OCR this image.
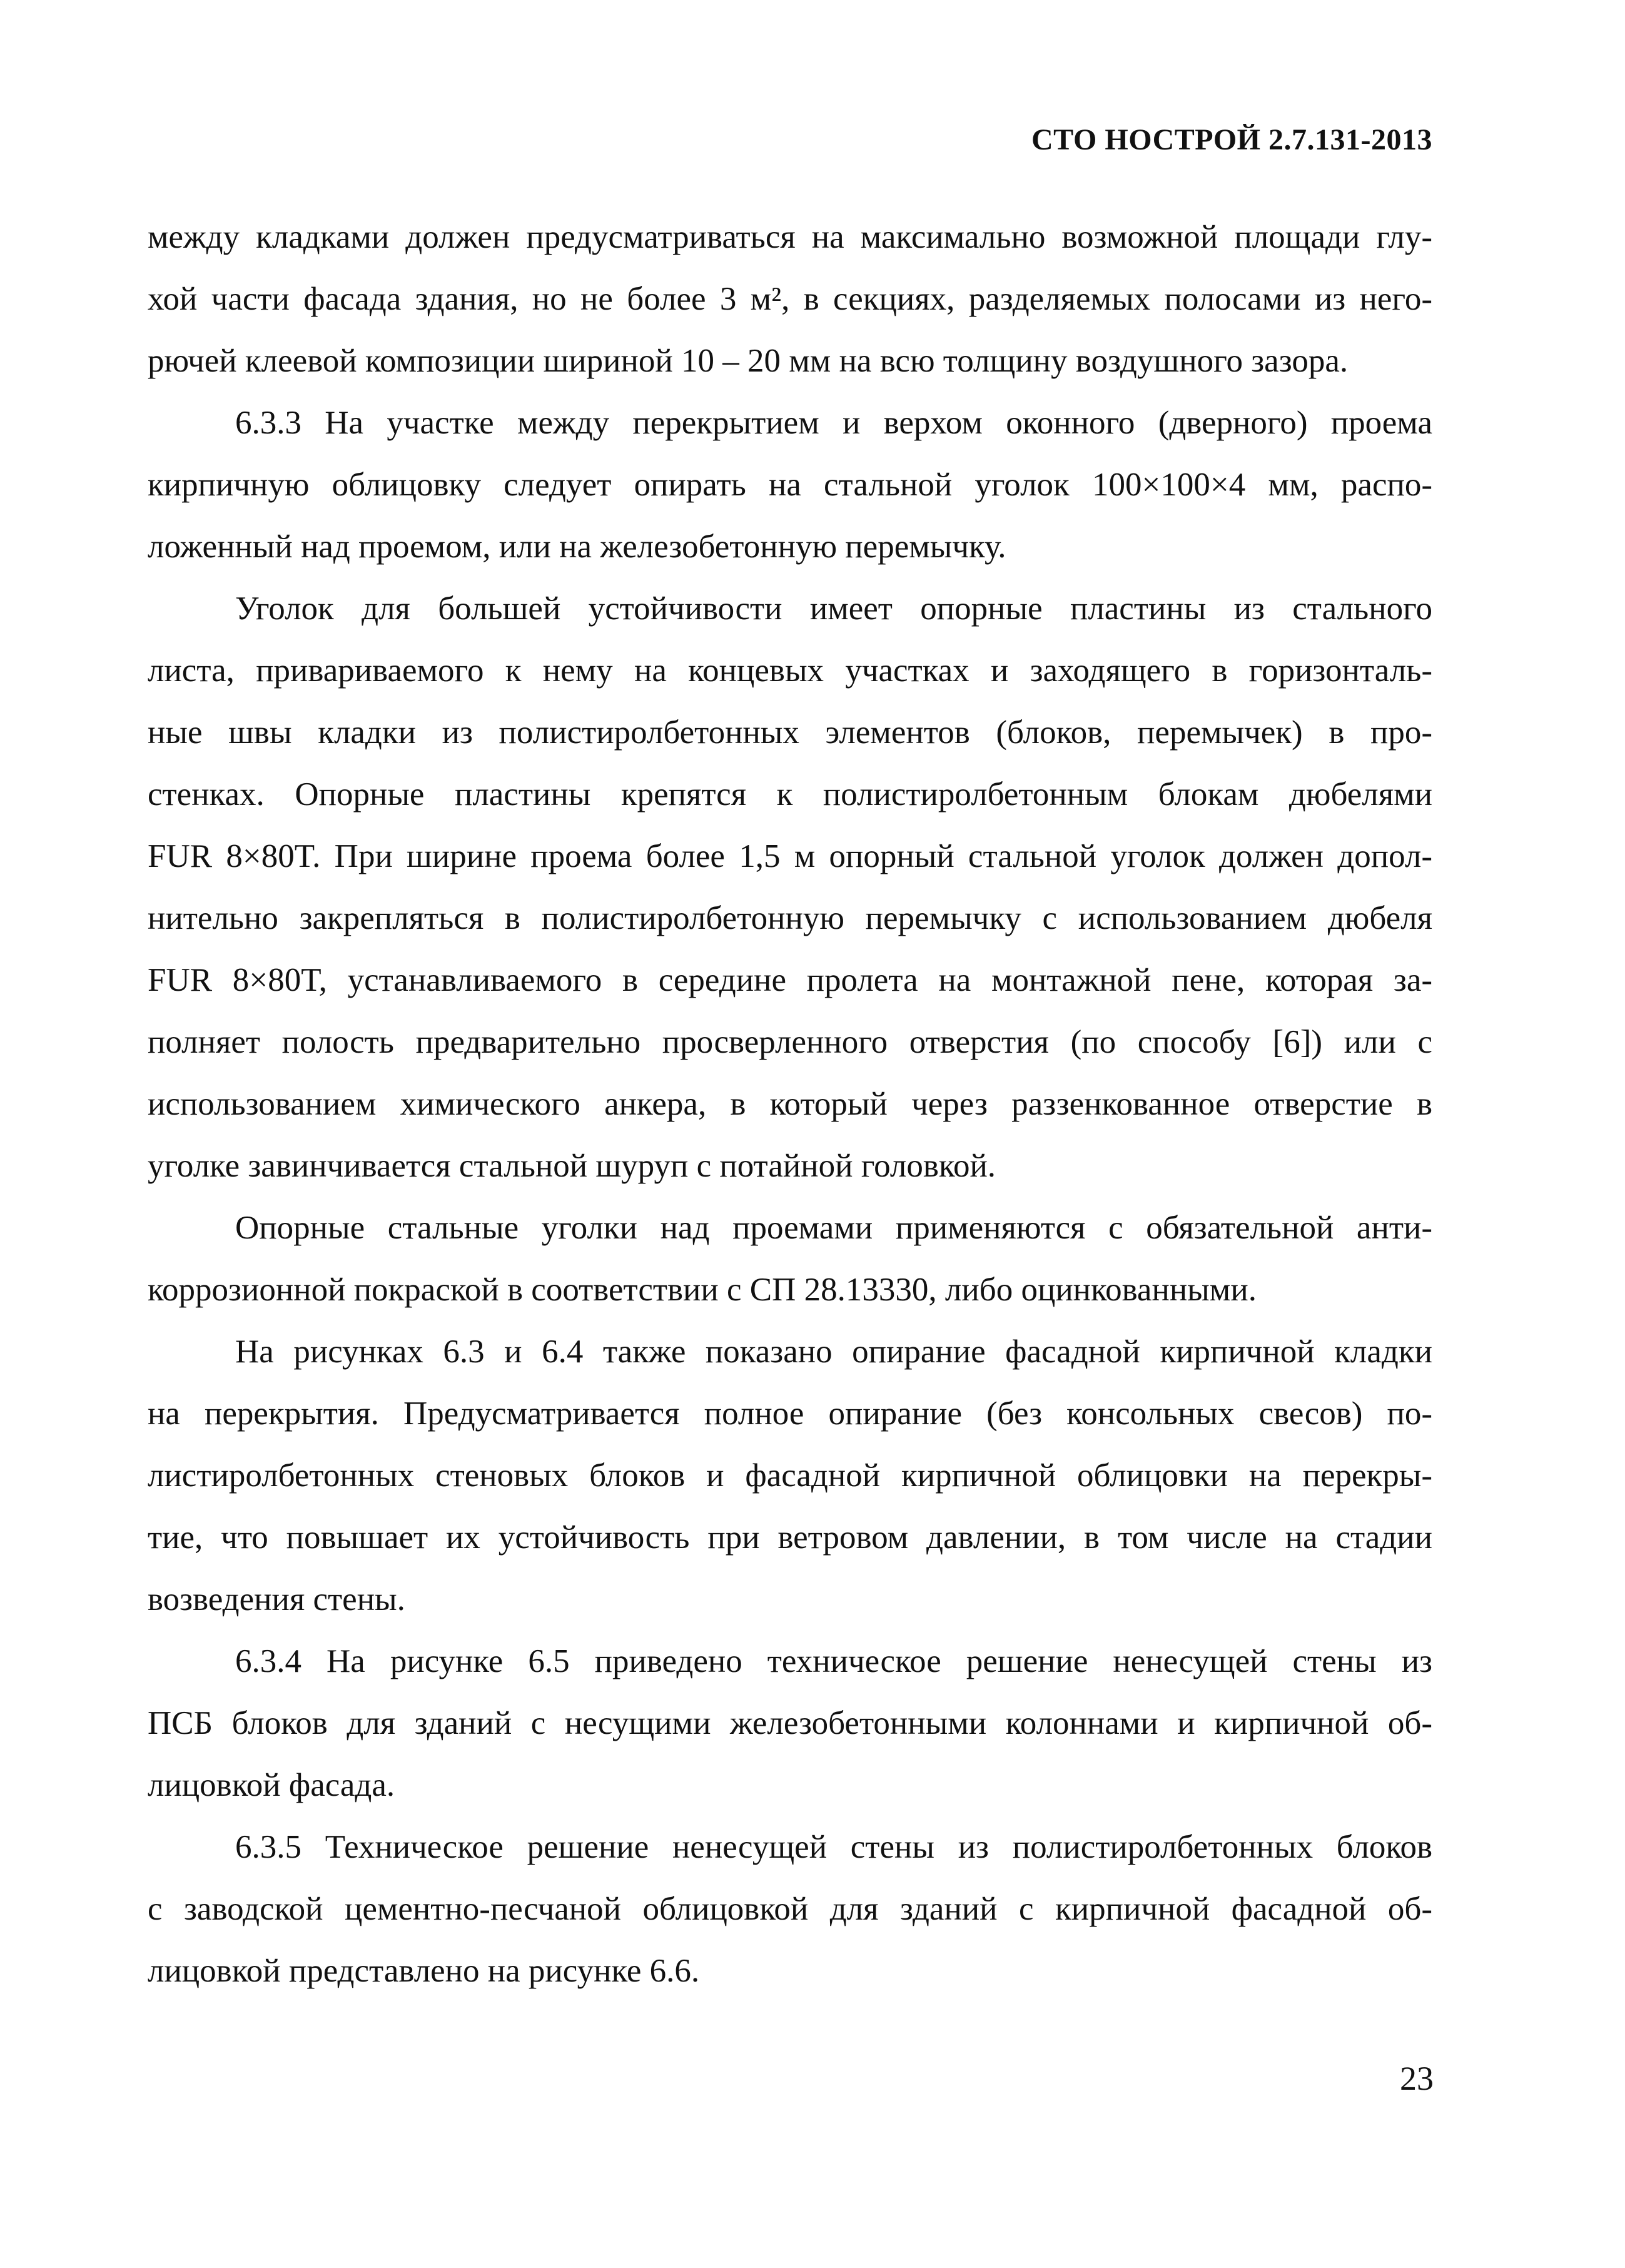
СТО НОСТРОЙ 2.7.131-2013
между кладками должен предусматриваться на максимально возможной площади глу-
хой части фасада здания, но не более 3 м², в секциях, разделяемых полосами из него-
рючей клеевой композиции шириной 10 – 20 мм на всю толщину воздушного зазора.
6.3.3 На участке между перекрытием и верхом оконного (дверного) проема
кирпичную облицовку следует опирать на стальной уголок 100×100×4 мм, распо-
ложенный над проемом, или на железобетонную перемычку.
Уголок для большей устойчивости имеет опорные пластины из стального
листа, привариваемого к нему на концевых участках и заходящего в горизонталь-
ные швы кладки из полистиролбетонных элементов (блоков, перемычек) в про-
стенках. Опорные пластины крепятся к полистиролбетонным блокам дюбелями
FUR 8×80T. При ширине проема более 1,5 м опорный стальной уголок должен допол-
нительно закрепляться в полистиролбетонную перемычку с использованием дюбеля
FUR 8×80T, устанавливаемого в середине пролета на монтажной пене, которая за-
полняет полость предварительно просверленного отверстия (по способу [6]) или с
использованием химического анкера, в который через раззенкованное отверстие в
уголке завинчивается стальной шуруп с потайной головкой.
Опорные стальные уголки над проемами применяются с обязательной анти-
коррозионной покраской в соответствии с СП 28.13330, либо оцинкованными.
На рисунках 6.3 и 6.4 также показано опирание фасадной кирпичной кладки
на перекрытия. Предусматривается полное опирание (без консольных свесов) по-
листиролбетонных стеновых блоков и фасадной кирпичной облицовки на перекры-
тие, что повышает их устойчивость при ветровом давлении, в том числе на стадии
возведения стены.
6.3.4 На рисунке 6.5 приведено техническое решение ненесущей стены из
ПСБ блоков для зданий с несущими железобетонными колоннами и кирпичной об-
лицовкой фасада.
6.3.5 Техническое решение ненесущей стены из полистиролбетонных блоков
с заводской цементно-песчаной облицовкой для зданий с кирпичной фасадной об-
лицовкой представлено на рисунке 6.6.
23
